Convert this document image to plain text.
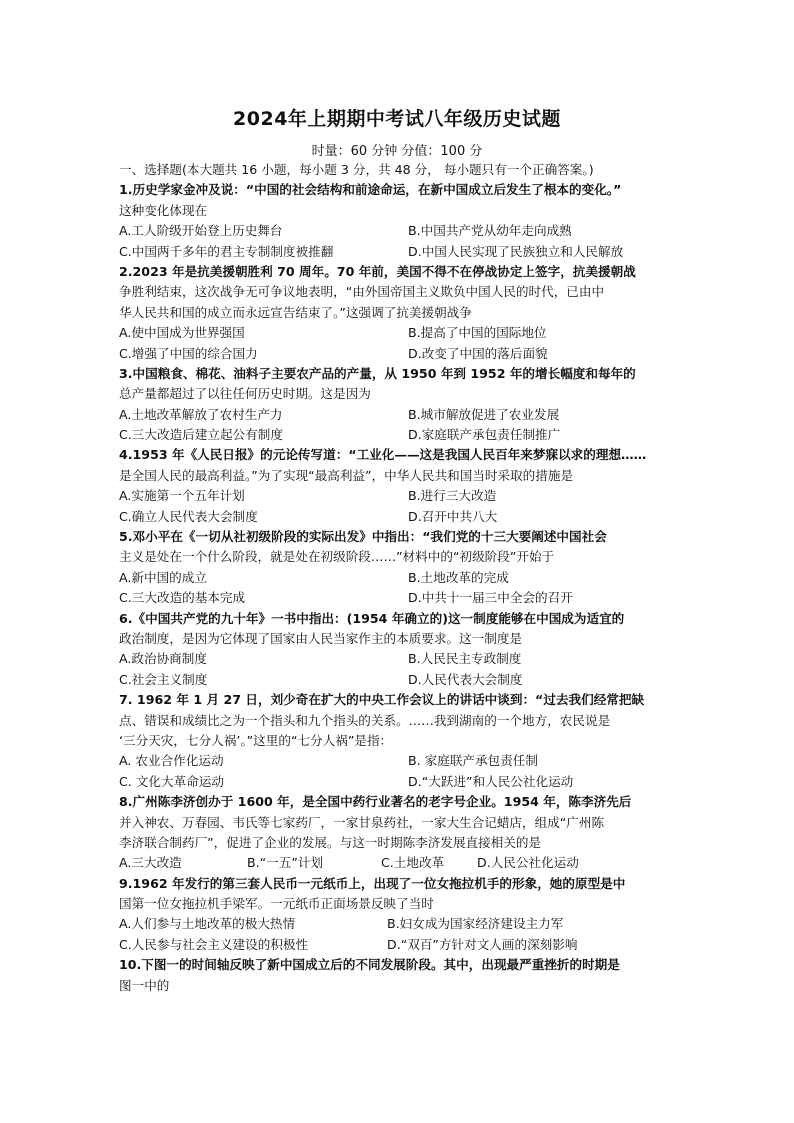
2024年上期期中考试八年级历史试题
时量：60 分钟 分值：100 分
一、选择题(本大题共 16 小题，每小题 3 分，共 48 分， 每小题只有一个正确答案。)
1.历史学家金冲及说：“中国的社会结构和前途命运，在新中国成立后发生了根本的变化。”
这种变化体现在
A.工人阶级开始登上历史舞台	B.中国共产党从幼年走向成熟
C.中国两千多年的君主专制制度被推翻	D.中国人民实现了民族独立和人民解放
2.2023 年是抗美援朝胜利 70 周年。70 年前，美国不得不在停战协定上签字，抗美援朝战
争胜利结束，这次战争无可争议地表明，“由外国帝国主义欺负中国人民的时代，已由中
华人民共和国的成立而永远宣告结束了。”这强调了抗美援朝战争
A.使中国成为世界强国	B.提高了中国的国际地位
C.增强了中国的综合国力	D.改变了中国的落后面貌
3.中国粮食、棉花、油料子主要农产品的产量，从 1950 年到 1952 年的增长幅度和每年的
总产量都超过了以往任何历史时期。这是因为
A.土地改革解放了农村生产力	B.城市解放促进了农业发展
C.三大改造后建立起公有制度	D.家庭联产承包责任制推广
4.1953 年《人民日报》的元论传写道：“工业化——这是我国人民百年来梦寐以求的理想……
是全国人民的最高利益。”为了实现“最高利益”，中华人民共和国当时采取的措施是
A.实施第一个五年计划	B.进行三大改造
C.确立人民代表大会制度	D.召开中共八大
5.邓小平在《一切从社初级阶段的实际出发》中指出：“我们党的十三大要阐述中国社会
主义是处在一个什么阶段，就是处在初级阶段……”材料中的“初级阶段”开始于
A.新中国的成立	B.土地改革的完成
C.三大改造的基本完成	D.中共十一届三中全会的召开
6.《中国共产党的九十年》一书中指出：(1954 年确立的)这一制度能够在中国成为适宜的
政治制度，是因为它体现了国家由人民当家作主的本质要求。这一制度是
A.政治协商制度	B.人民民主专政制度
C.社会主义制度	D.人民代表大会制度
7. 1962 年 1 月 27 日，刘少奇在扩大的中央工作会议上的讲话中谈到：“过去我们经常把缺
点、错误和成绩比之为一个指头和九个指头的关系。……我到湖南的一个地方，农民说是
‘三分天灾，七分人祸’。”这里的“七分人祸”是指：
A. 农业合作化运动	B. 家庭联产承包责任制
C. 文化大革命运动	D.“大跃进”和人民公社化运动
8.广州陈李济创办于 1600 年，是全国中药行业著名的老字号企业。1954 年，陈李济先后
并入神农、万春园、韦氏等七家药厂，一家甘泉药社，一家大生合记蜡店，组成“广州陈
李济联合制药厂”，促进了企业的发展。与这一时期陈李济发展直接相关的是
A.三大改造	B.“一五”计划	C.土地改革	D.人民公社化运动
9.1962 年发行的第三套人民币一元纸币上，出现了一位女拖拉机手的形象，她的原型是中
国第一位女拖拉机手梁军。一元纸币正面场景反映了当时
A.人们参与土地改革的极大热情	B.妇女成为国家经济建设主力军
C.人民参与社会主义建设的积极性	D.“双百”方针对文人画的深刻影响
10.下图一的时间轴反映了新中国成立后的不同发展阶段。其中，出现最严重挫折的时期是
图一中的
